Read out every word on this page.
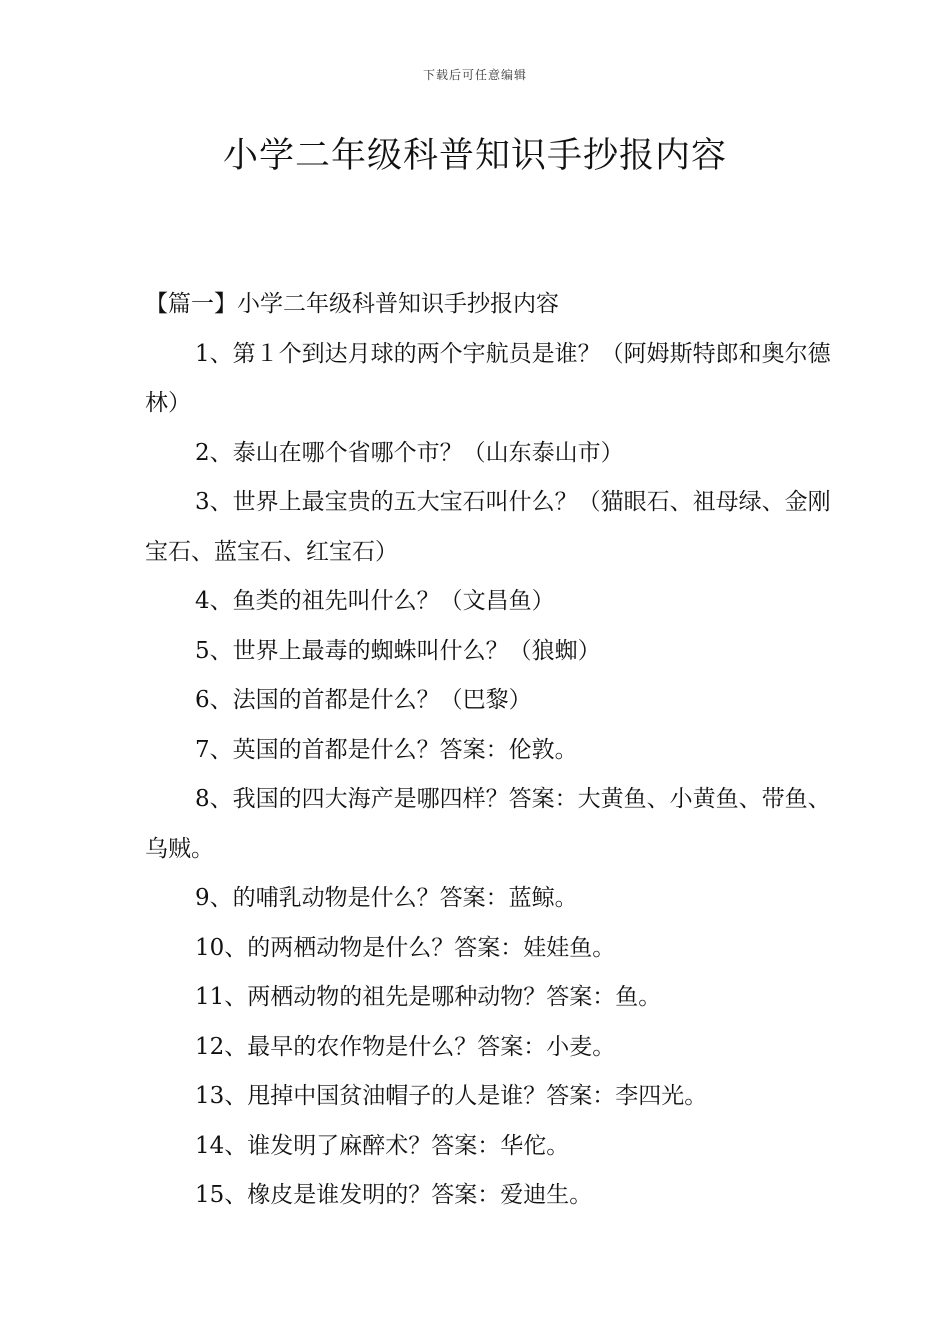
下载后可任意编辑
小学二年级科普知识手抄报内容

【篇一】小学二年级科普知识手抄报内容

1、第１个到达月球的两个宇航员是谁？（阿姆斯特郎和奥尔德林）

2、泰山在哪个省哪个市？（山东泰山市）

3、世界上最宝贵的五大宝石叫什么？（猫眼石、祖母绿、金刚宝石、蓝宝石、红宝石）

4、鱼类的祖先叫什么？（文昌鱼）

5、世界上最毒的蜘蛛叫什么？（狼蜘）

6、法国的首都是什么？（巴黎）

7、英国的首都是什么？答案：伦敦。

8、我国的四大海产是哪四样？答案：大黄鱼、小黄鱼、带鱼、乌贼。

9、的哺乳动物是什么？答案：蓝鲸。

10、的两栖动物是什么？答案：娃娃鱼。

11、两栖动物的祖先是哪种动物？答案：鱼。

12、最早的农作物是什么？答案：小麦。

13、甩掉中国贫油帽子的人是谁？答案：李四光。

14、谁发明了麻醉术？答案：华佗。

15、橡皮是谁发明的？答案：爱迪生。
